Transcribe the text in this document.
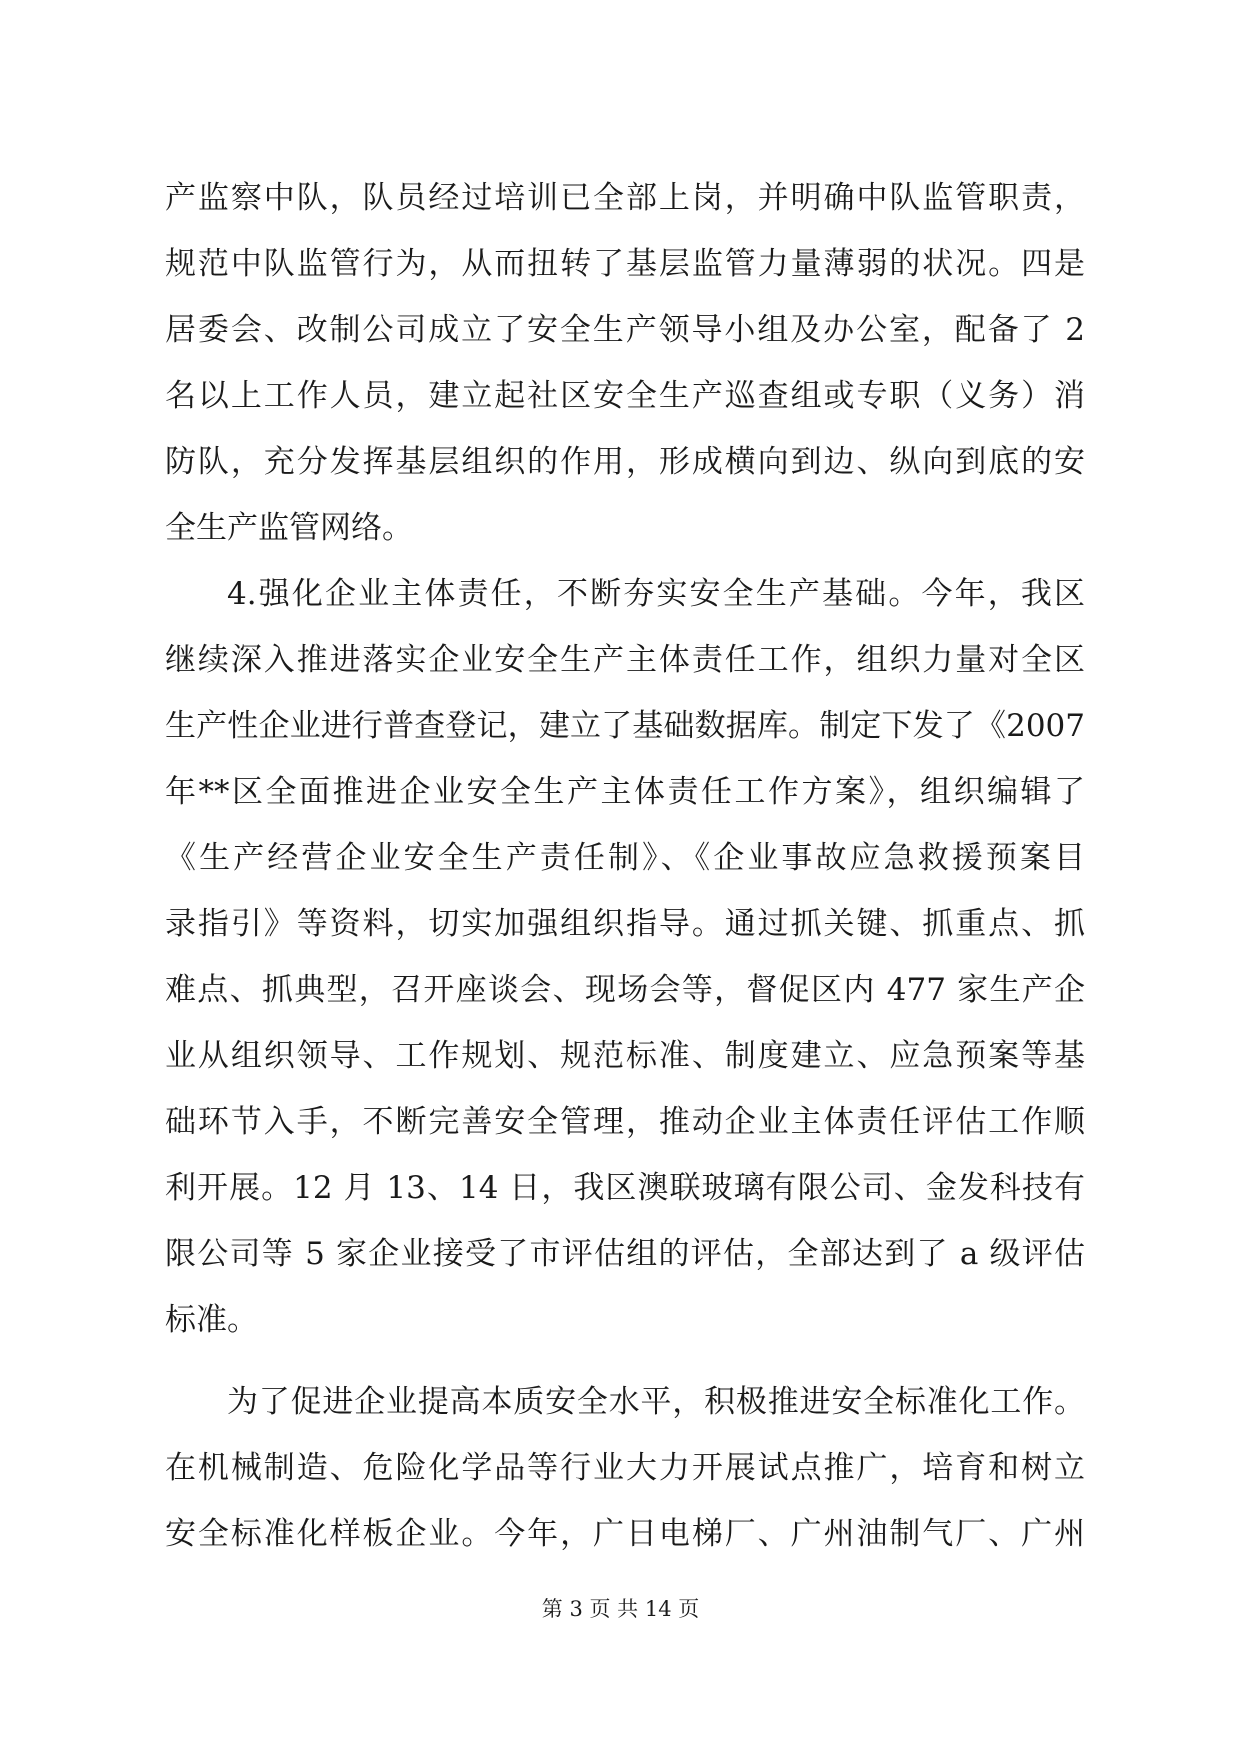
产监察中队，队员经过培训已全部上岗，并明确中队监管职责，
规范中队监管行为，从而扭转了基层监管力量薄弱的状况。四是
居委会、改制公司成立了安全生产领导小组及办公室，配备了 2
名以上工作人员，建立起社区安全生产巡查组或专职（义务）消
防队，充分发挥基层组织的作用，形成横向到边、纵向到底的安
全生产监管网络。
4.强化企业主体责任，不断夯实安全生产基础。今年，我区
继续深入推进落实企业安全生产主体责任工作，组织力量对全区
生产性企业进行普查登记，建立了基础数据库。制定下发了《2007
年**区全面推进企业安全生产主体责任工作方案》，组织编辑了
《生产经营企业安全生产责任制》、《企业事故应急救援预案目
录指引》等资料，切实加强组织指导。通过抓关键、抓重点、抓
难点、抓典型，召开座谈会、现场会等，督促区内 477 家生产企
业从组织领导、工作规划、规范标准、制度建立、应急预案等基
础环节入手，不断完善安全管理，推动企业主体责任评估工作顺
利开展。12 月 13、14 日，我区澳联玻璃有限公司、金发科技有
限公司等 5 家企业接受了市评估组的评估，全部达到了 a 级评估
标准。
为了促进企业提高本质安全水平，积极推进安全标准化工作。
在机械制造、危险化学品等行业大力开展试点推广，培育和树立
安全标准化样板企业。今年，广日电梯厂、广州油制气厂、广州
第 3 页 共 14 页
